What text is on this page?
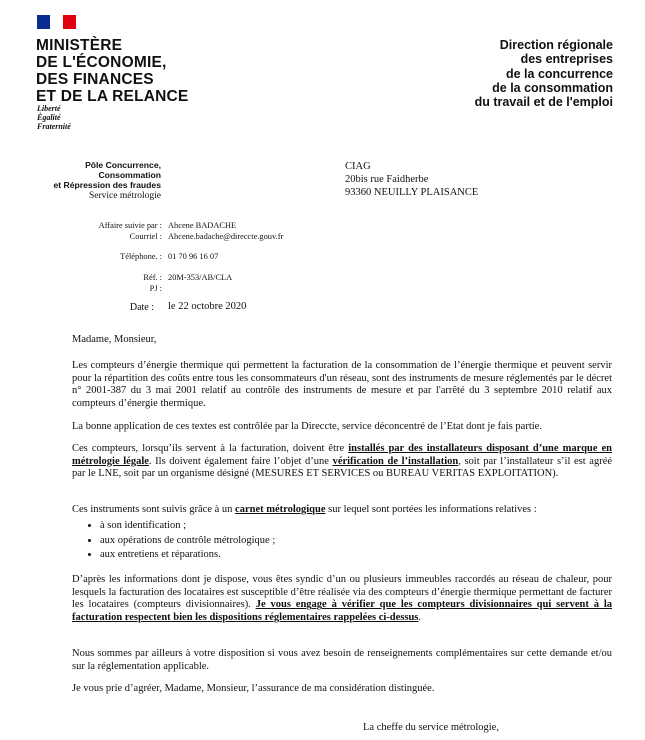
MINISTÈRE
DE L'ÉCONOMIE,
DES FINANCES
ET DE LA RELANCE
Liberté
Égalité
Fraternité
Direction régionale
des entreprises
de la concurrence
de la consommation
du travail et de l'emploi
Pôle Concurrence,
Consommation
et Répression des fraudes
Service métrologie
CIAG
20bis rue Faidherbe
93360 NEUILLY PLAISANCE
Affaire suivie par : Ahcene BADACHE
Courriel : Ahcene.badache@direccte.gouv.fr
Téléphone. : 01 70 96 16 07
Réf. : 20M-353/AB/CLA
PJ :
Date : le 22 octobre 2020
Madame, Monsieur,

Les compteurs d’énergie thermique qui permettent la facturation de la consommation de l’énergie thermique et peuvent servir pour la répartition des coûts entre tous les consommateurs d'un réseau, sont des instruments de mesure réglementés par le décret n° 2001-387 du 3 mai 2001 relatif au contrôle des instruments de mesure et par l'arrêté du 3 septembre 2010 relatif aux compteurs d’énergie thermique.

La bonne application de ces textes est contrôlée par la Direccte, service déconcentré de l’Etat dont je fais partie.

Ces compteurs, lorsqu’ils servent à la facturation, doivent être installés par des installateurs disposant d’une marque en métrologie légale. Ils doivent également faire l’objet d’une vérification de l’installation, soit par l’installateur s’il est agréé par le LNE, soit par un organisme désigné (MESURES ET SERVICES ou BUREAU VERITAS EXPLOITATION).

Ces instruments sont suivis grâce à un carnet métrologique sur lequel sont portées les informations relatives :

• à son identification ;
• aux opérations de contrôle métrologique ;
• aux entretiens et réparations.

D’après les informations dont je dispose, vous êtes syndic d’un ou plusieurs immeubles raccordés au réseau de chaleur, pour lesquels la facturation des locataires est susceptible d’être réalisée via des compteurs d’énergie thermique permettant de facturer les locataires (compteurs divisionnaires). Je vous engage à vérifier que les compteurs divisionnaires qui servent à la facturation respectent bien les dispositions réglementaires rappelées ci-dessus.

Nous sommes par ailleurs à votre disposition si vous avez besoin de renseignements complémentaires sur cette demande et/ou sur la réglementation applicable.

Je vous prie d’agréer, Madame, Monsieur, l’assurance de ma considération distinguée.

La cheffe du service métrologie,
